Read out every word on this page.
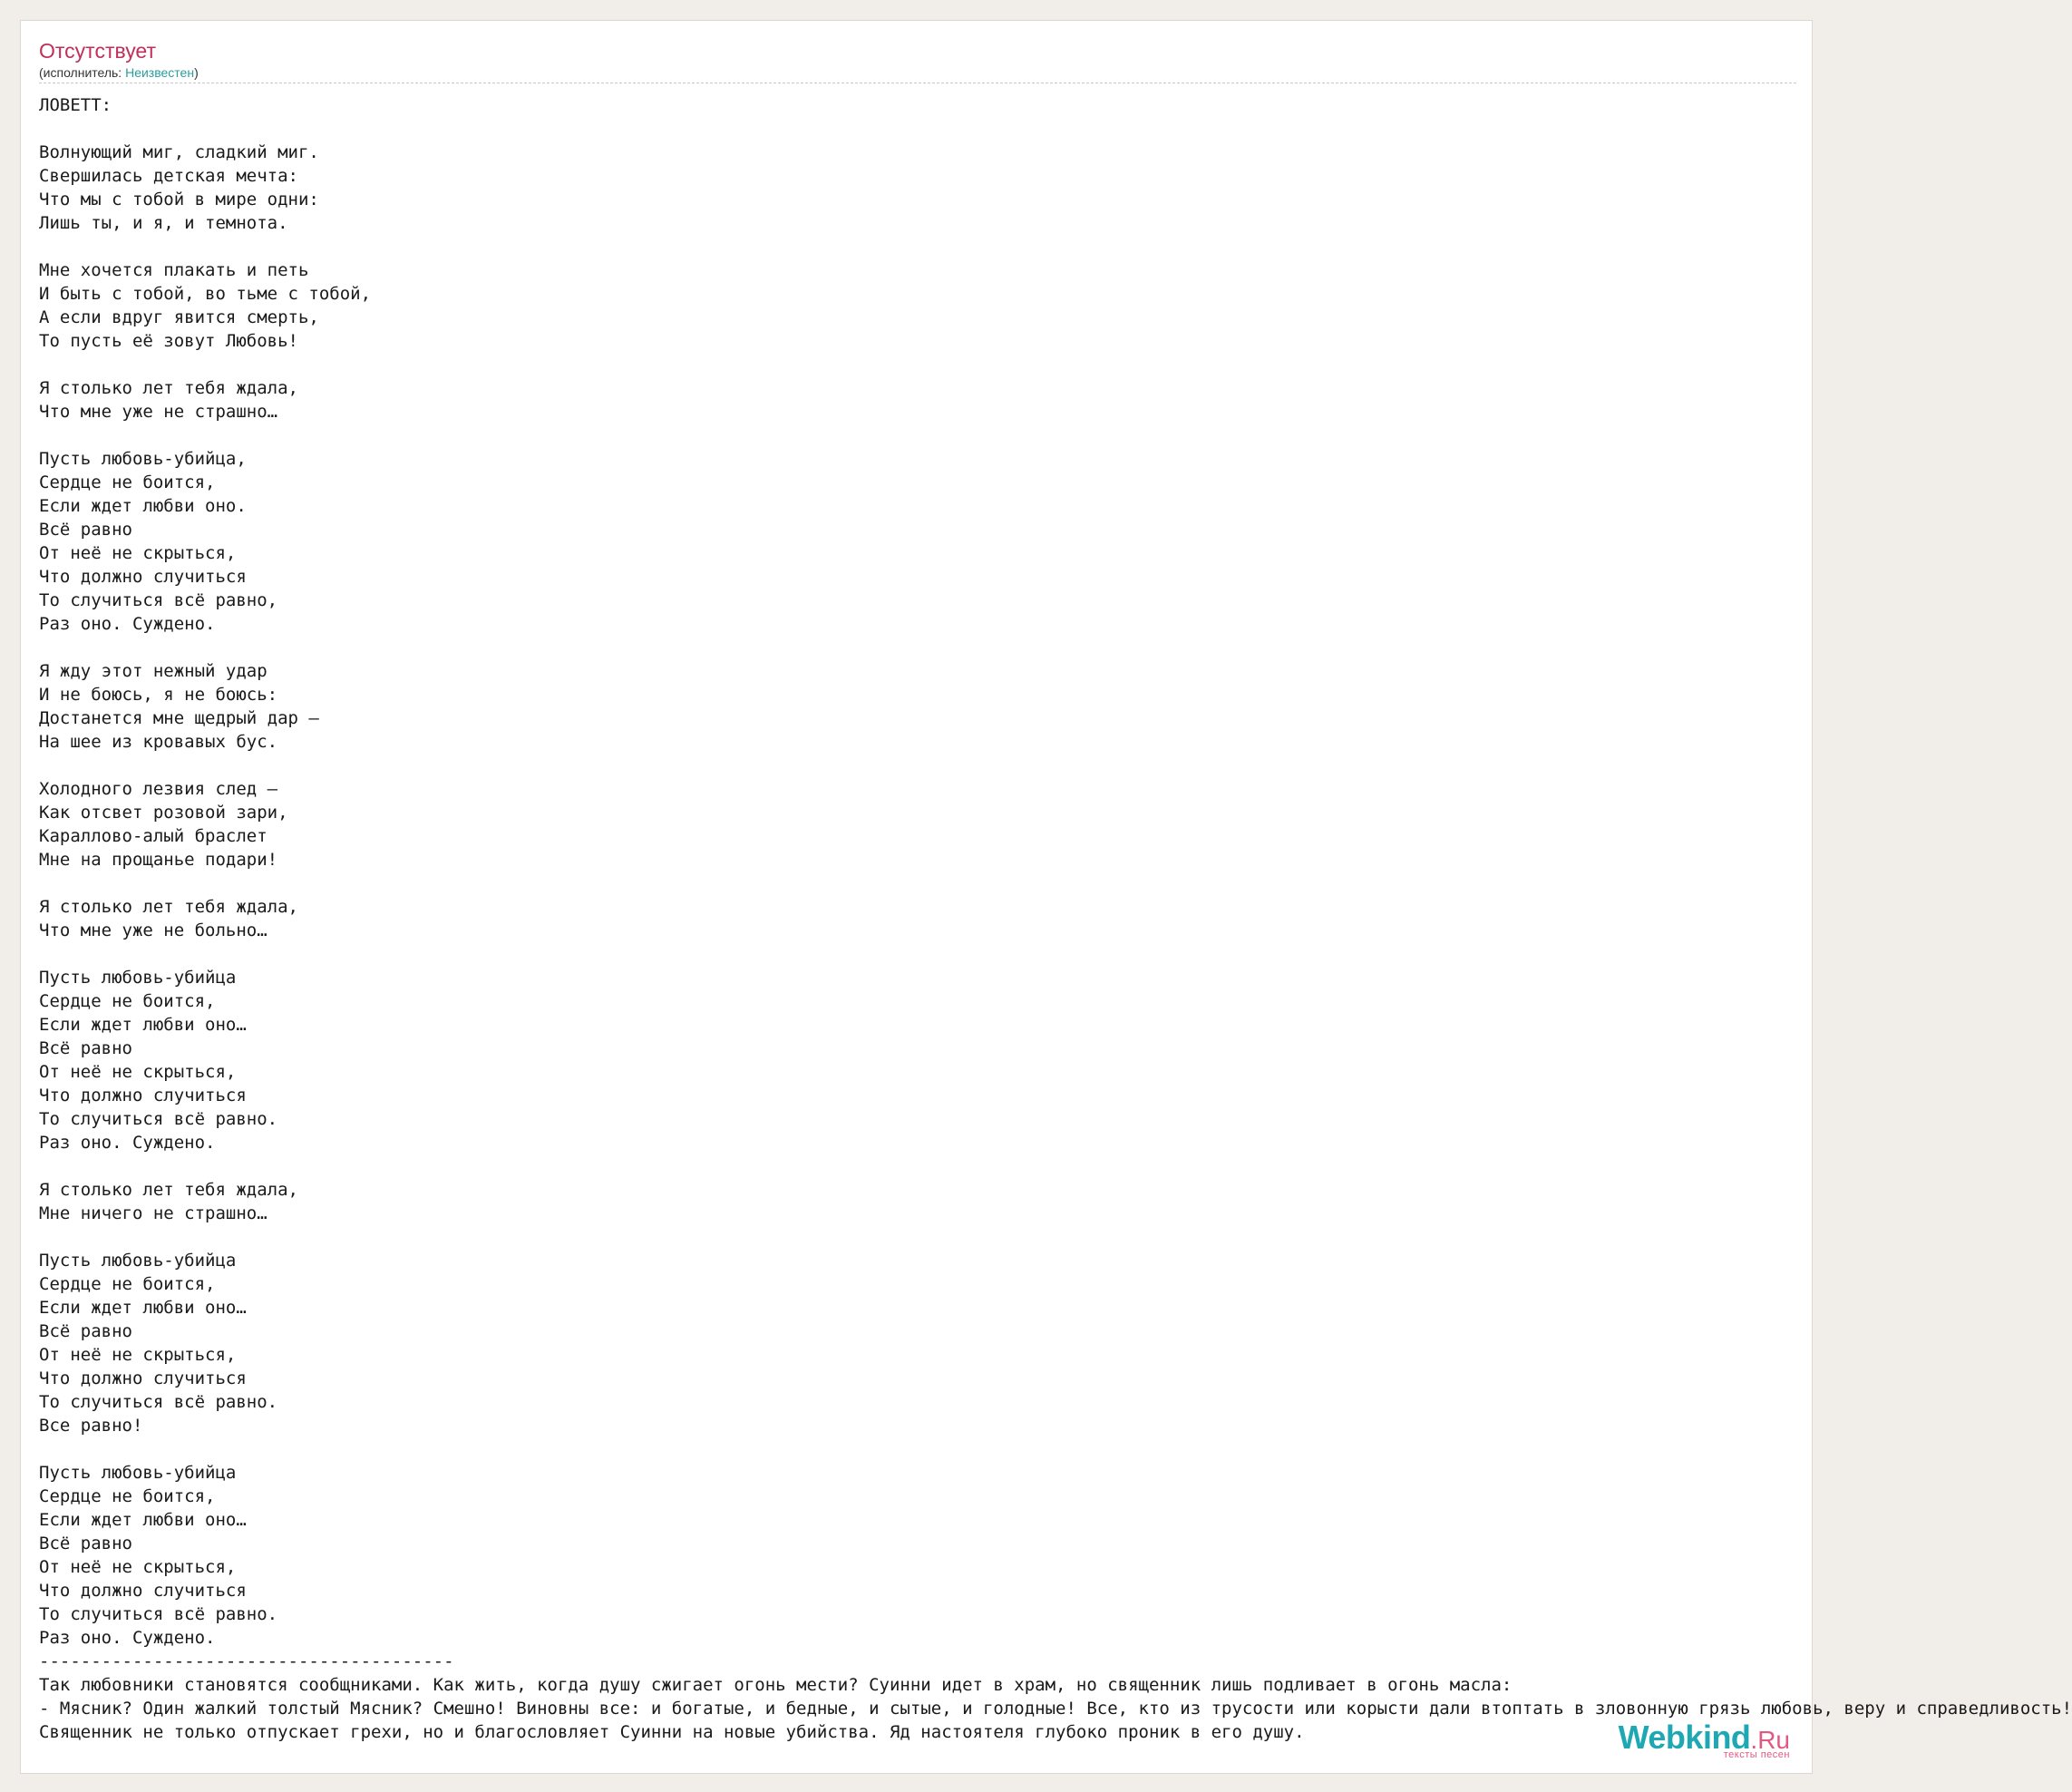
Отсутствует
(исполнитель: Неизвестен)
ЛОВЕТТ:

Волнующий миг, сладкий миг.
Свершилась детская мечта:
Что мы с тобой в мире одни:
Лишь ты, и я, и темнота.

Мне хочется плакать и петь
И быть с тобой, во тьме с тобой,
А если вдруг явится смерть,
То пусть её зовут Любовь!

Я столько лет тебя ждала,
Что мне уже не страшно…

Пусть любовь-убийца,
Сердце не боится,
Если ждет любви оно.
Всё равно
От неё не скрыться,
Что должно случиться
То случиться всё равно,
Раз оно. Суждено.

Я жду этот нежный удар
И не боюсь, я не боюсь:
Достанется мне щедрый дар —
На шее из кровавых бус.

Холодного лезвия след —
Как отсвет розовой зари,
Караллово-алый браслет
Мне на прощанье подари!

Я столько лет тебя ждала,
Что мне уже не больно…

Пусть любовь-убийца
Сердце не боится,
Если ждет любви оно…
Всё равно
От неё не скрыться,
Что должно случиться
То случиться всё равно.
Раз оно. Суждено.

Я столько лет тебя ждала,
Мне ничего не страшно…

Пусть любовь-убийца
Сердце не боится,
Если ждет любви оно…
Всё равно
От неё не скрыться,
Что должно случиться
То случиться всё равно.
Все равно!

Пусть любовь-убийца
Сердце не боится,
Если ждет любви оно…
Всё равно
От неё не скрыться,
Что должно случиться
То случиться всё равно.
Раз оно. Суждено.
----------------------------------------
Так любовники становятся сообщниками. Как жить, когда душу сжигает огонь мести? Суинни идет в храм, но священник лишь подливает в огонь масла:
- Мясник? Один жалкий толстый Мясник? Смешно! Виновны все: и богатые, и бедные, и сытые, и голодные! Все, кто из трусости или корысти дали втоптать в зловонную грязь любовь, веру и справедливость!
Священник не только отпускает грехи, но и благословляет Суинни на новые убийства. Яд настоятеля глубоко проник в его душу.	Webkind.Ru
тексты песен
